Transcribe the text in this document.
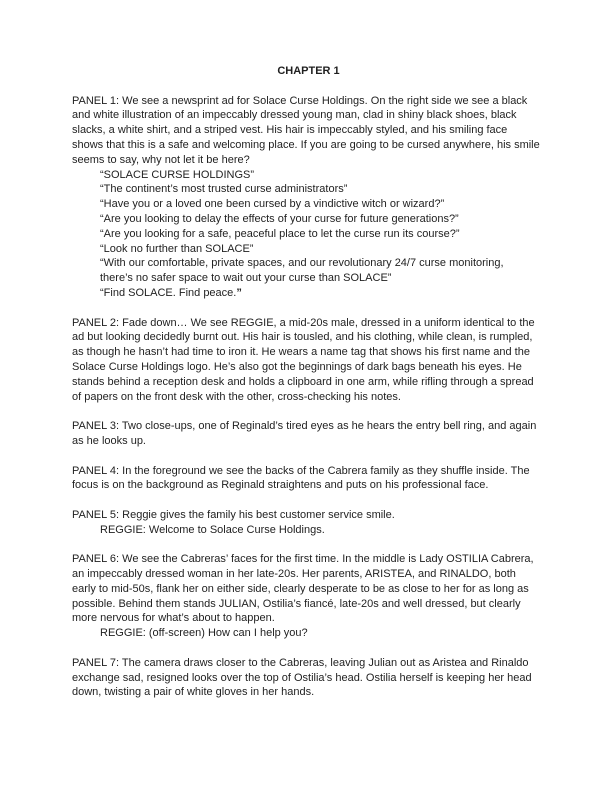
CHAPTER 1
PANEL 1: We see a newsprint ad for Solace Curse Holdings. On the right side we see a black
and white illustration of an impeccably dressed young man, clad in shiny black shoes, black
slacks, a white shirt, and a striped vest. His hair is impeccably styled, and his smiling face
shows that this is a safe and welcoming place. If you are going to be cursed anywhere, his smile
seems to say, why not let it be here?
“SOLACE CURSE HOLDINGS”
“The continent’s most trusted curse administrators”
“Have you or a loved one been cursed by a vindictive witch or wizard?”
“Are you looking to delay the effects of your curse for future generations?”
“Are you looking for a safe, peaceful place to let the curse run its course?”
“Look no further than SOLACE”
“With our comfortable, private spaces, and our revolutionary 24/7 curse monitoring,
there’s no safer space to wait out your curse than SOLACE”
“Find SOLACE. Find peace.”

PANEL 2: Fade down… We see REGGIE, a mid-20s male, dressed in a uniform identical to the
ad but looking decidedly burnt out. His hair is tousled, and his clothing, while clean, is rumpled,
as though he hasn’t had time to iron it. He wears a name tag that shows his first name and the
Solace Curse Holdings logo. He’s also got the beginnings of dark bags beneath his eyes. He
stands behind a reception desk and holds a clipboard in one arm, while rifling through a spread
of papers on the front desk with the other, cross-checking his notes.

PANEL 3: Two close-ups, one of Reginald’s tired eyes as he hears the entry bell ring, and again
as he looks up.

PANEL 4: In the foreground we see the backs of the Cabrera family as they shuffle inside. The
focus is on the background as Reginald straightens and puts on his professional face.

PANEL 5: Reggie gives the family his best customer service smile.
REGGIE: Welcome to Solace Curse Holdings.

PANEL 6: We see the Cabreras’ faces for the first time. In the middle is Lady OSTILIA Cabrera,
an impeccably dressed woman in her late-20s. Her parents, ARISTEA, and RINALDO, both
early to mid-50s, flank her on either side, clearly desperate to be as close to her for as long as
possible. Behind them stands JULIAN, Ostilia’s fiancé, late-20s and well dressed, but clearly
more nervous for what’s about to happen.
REGGIE: (off-screen) How can I help you?

PANEL 7: The camera draws closer to the Cabreras, leaving Julian out as Aristea and Rinaldo
exchange sad, resigned looks over the top of Ostilia’s head. Ostilia herself is keeping her head
down, twisting a pair of white gloves in her hands.
